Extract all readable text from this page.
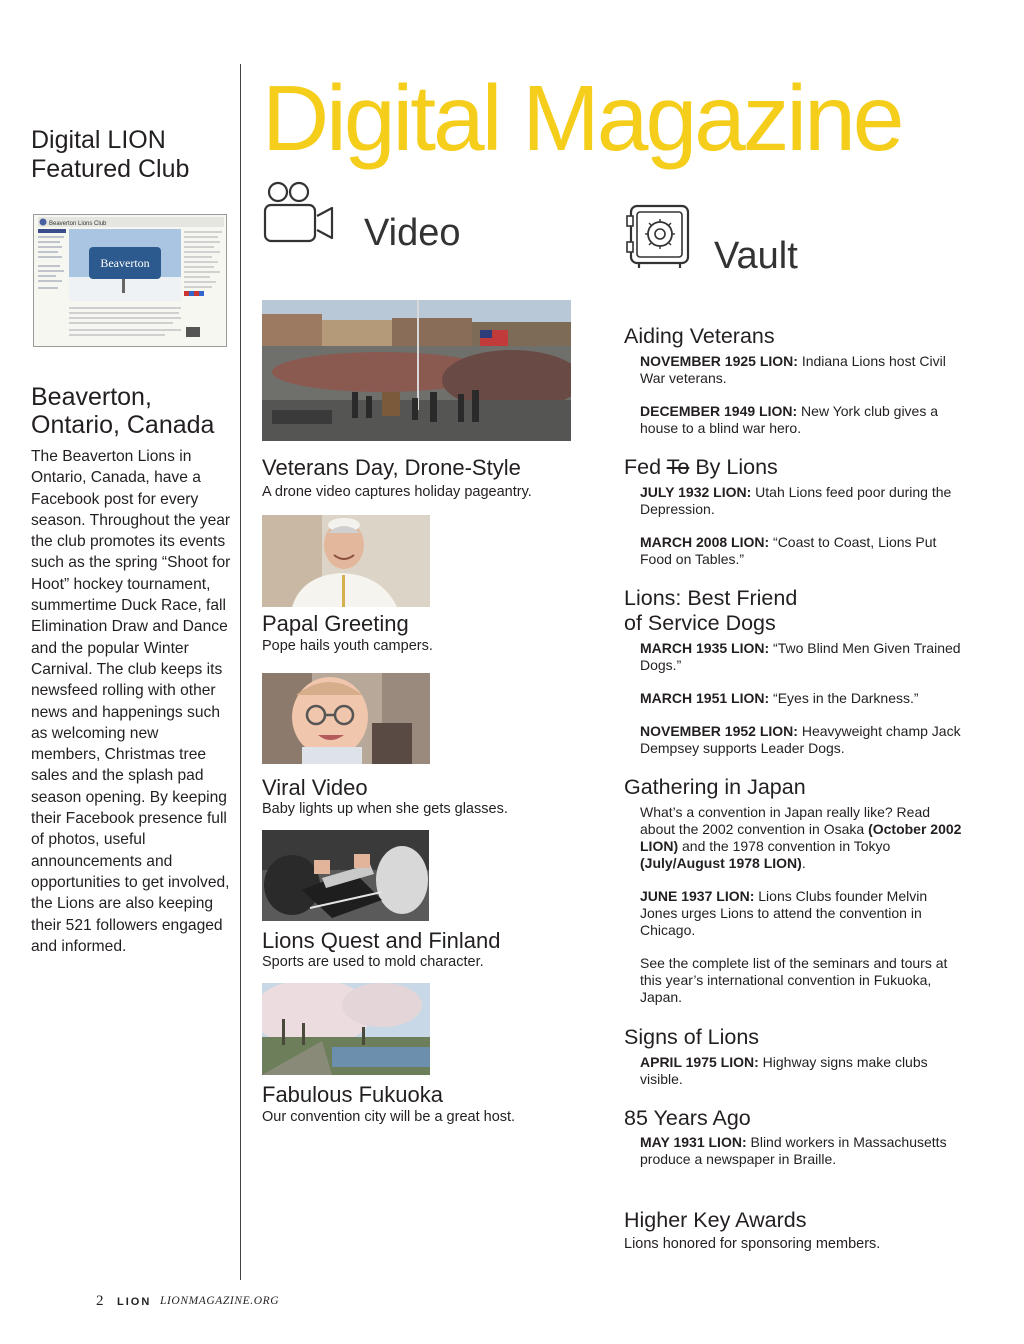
Digital LION
Featured Club
Beaverton Lions Club
Beaverton
Beaverton,
Ontario, Canada
The Beaverton Lions in Ontario, Canada, have a Facebook post for every season. Throughout the year the club promotes its events such as the spring “Shoot for Hoot” hockey tournament, summertime Duck Race, fall Elimination Draw and Dance and the popular Winter Carnival. The club keeps its newsfeed rolling with other news and happenings such as welcoming new members, Christmas tree sales and the splash pad season opening. By keeping their Facebook presence full of photos, useful announcements and opportunities to get involved, the Lions are also keeping their 521 followers engaged and informed.
Digital Magazine
Video
Vault
Veterans Day, Drone-Style
A drone video captures holiday pageantry.
Papal Greeting
Pope hails youth campers.
Viral Video
Baby lights up when she gets glasses.
Lions Quest and Finland
Sports are used to mold character.
Fabulous Fukuoka
Our convention city will be a great host.
Aiding Veterans
NOVEMBER 1925 LION: Indiana Lions host Civil War veterans.
DECEMBER 1949 LION: New York club gives a house to a blind war hero.
Fed To By Lions
JULY 1932 LION: Utah Lions feed poor during the Depression.
MARCH 2008 LION: “Coast to Coast, Lions Put Food on Tables.”
Lions: Best Friend
of Service Dogs
MARCH 1935 LION: “Two Blind Men Given Trained Dogs.”
MARCH 1951 LION: “Eyes in the Darkness.”
NOVEMBER 1952 LION: Heavyweight champ Jack Dempsey supports Leader Dogs.
Gathering in Japan
What’s a convention in Japan really like? Read about the 2002 convention in Osaka (October 2002 LION) and the 1978 convention in Tokyo (July/August 1978 LION).
JUNE 1937 LION: Lions Clubs founder Melvin Jones urges Lions to attend the convention in Chicago.
See the complete list of the seminars and tours at this year’s international convention in Fukuoka, Japan.
Signs of Lions
APRIL 1975 LION: Highway signs make clubs visible.
85 Years Ago
MAY 1931 LION: Blind workers in Massachusetts produce a newspaper in Braille.
Higher Key Awards
Lions honored for sponsoring members.
2 LION LIONMAGAZINE.ORG
